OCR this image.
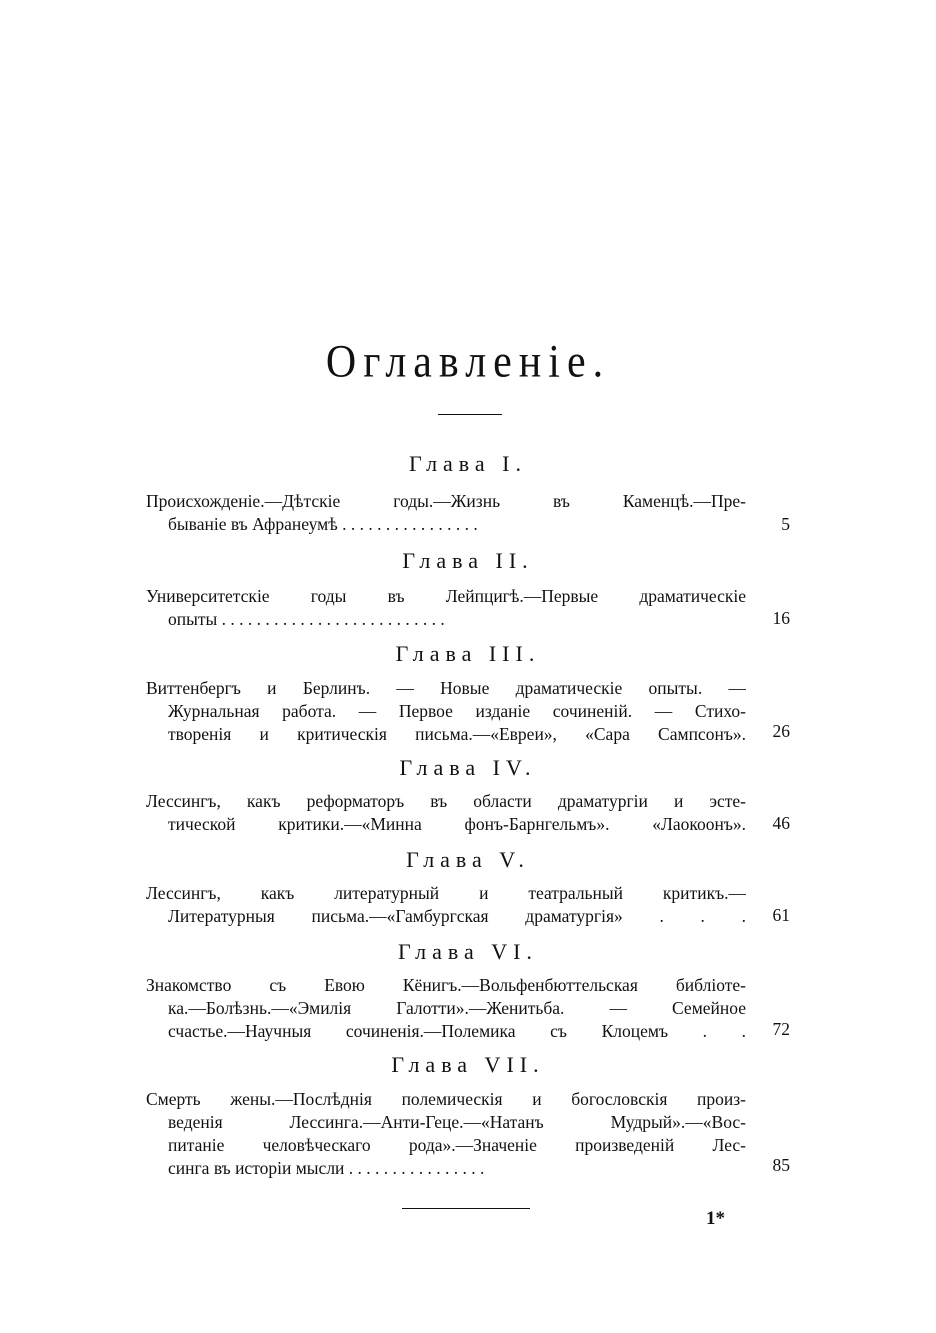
Оглавленіе.
Глава I.
Происхожденіе.—Дѣтскіе годы.—Жизнь въ Каменцѣ.—Пре-
быванiе въ Афранеумѣ . . . . . . . . . . . . . . . .	5
Глава II.
Университетскіе годы въ Лейпцигѣ.—Первые драматическіе
опыты . . . . . . . . . . . . . . . . . . . . . . . . . .	16
Глава III.
Виттенбергъ и Берлинъ. — Новые драматическіе опыты. —
Журнальная работа. — Первое изданіе сочиненій. — Стихо-
творенія и критическія письма.—«Евреи», «Сара Сампсонъ». 26
Глава IV.
Лессингъ, какъ реформаторъ въ области драматургіи и эсте-
тической критики.—«Минна фонъ-Барнгельмъ». «Лаокоонъ». 46
Глава V.
Лессингъ, какъ литературный и театральный критикъ.—
Литературныя письма.—«Гамбургская драматургія» . . . 61
Глава VI.
Знакомство съ Евою Кёнигъ.—Вольфенбюттельская библіоте-
ка.—Болѣзнь.—«Эмилія Галотти».—Женитьба. — Семейное
счастье.—Научныя сочиненія.—Полемика съ Клоцемъ . . 72
Глава VII.
Смерть жены.—Послѣднія полемическія и богословскія произ-
веденія Лессинга.—Анти-Геце.—«Натанъ Мудрый».—«Вос-
питаніе человѣческаго рода».—Значеніе произведеній Лес-
синга въ исторіи мысли . . . . . . . . . . . . . . . .	85
1*
